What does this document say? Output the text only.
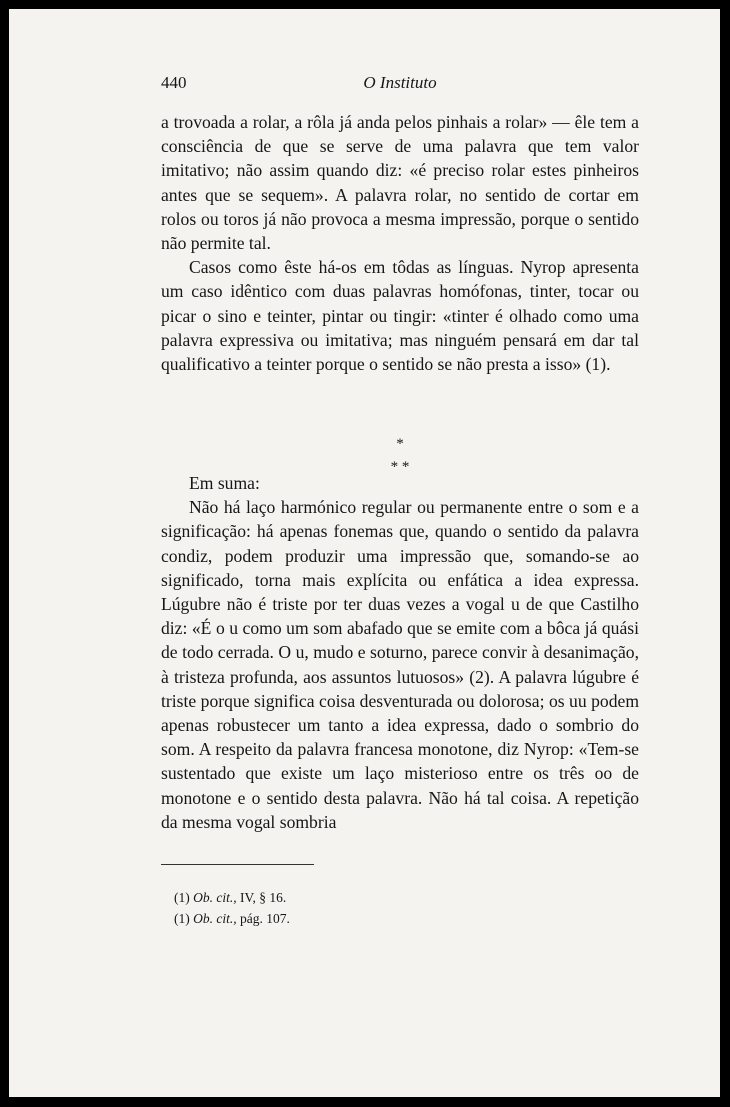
440	O Instituto

a trovoada a rolar, a rôla já anda pelos pinhais a rolar» — êle tem a consciência de que se serve de uma palavra que tem valor imitativo; não assim quando diz: «é preciso rolar estes pinheiros antes que se sequem». A palavra rolar, no sentido de cortar em rolos ou toros já não provoca a mesma impressão, porque o sentido não permite tal.

Casos como êste há-os em tôdas as línguas. Nyrop apresenta um caso idêntico com duas palavras homófonas, tinter, tocar ou picar o sino e teinter, pintar ou tingir: «tinter é olhado como uma palavra expressiva ou imitativa; mas ninguém pensará em dar tal qualificativo a teinter porque o sentido se não presta a isso» (1).

*
* *

Em suma:

Não há laço harmónico regular ou permanente entre o som e a significação: há apenas fonemas que, quando o sentido da palavra condiz, podem produzir uma impressão que, somando-se ao significado, torna mais explícita ou enfática a idea expressa. Lúgubre não é triste por ter duas vezes a vogal u de que Castilho diz: «É o u como um som abafado que se emite com a bôca já quási de todo cerrada. O u, mudo e soturno, parece convir à desanimação, à tristeza profunda, aos assuntos lutuosos» (2). A palavra lúgubre é triste porque significa coisa desventurada ou dolorosa; os uu podem apenas robustecer um tanto a idea expressa, dado o sombrio do som. A respeito da palavra francesa monotone, diz Nyrop: «Tem-se sustentado que existe um laço misterioso entre os três oo de monotone e o sentido desta palavra. Não há tal coisa. A repetição da mesma vogal sombria

(1) Ob. cit., IV, § 16.
(1) Ob. cit., pág. 107.
